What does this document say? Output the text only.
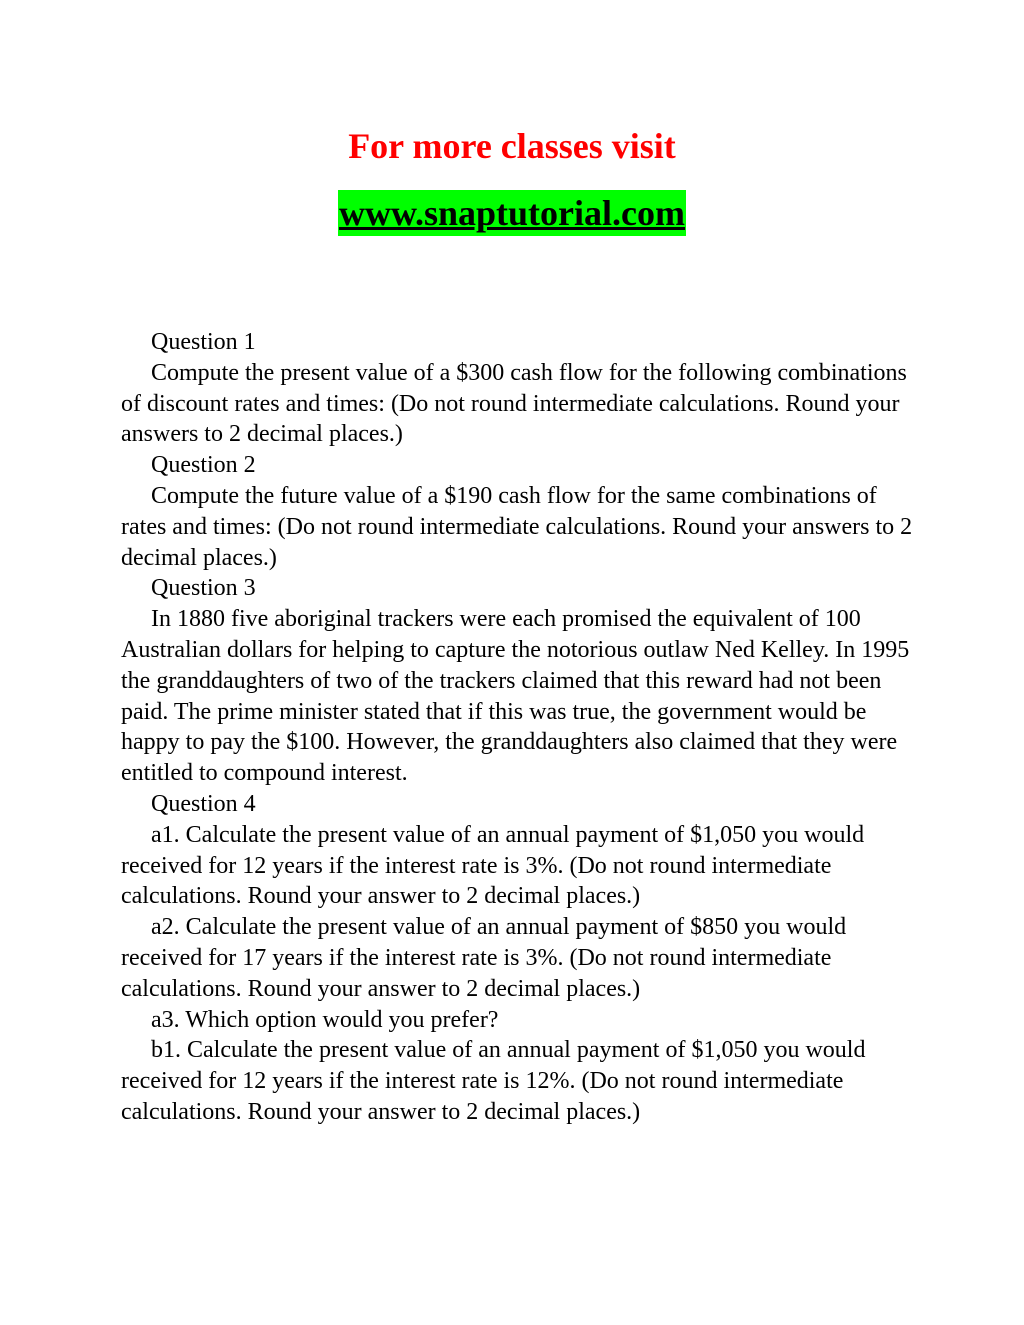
For more classes visit
www.snaptutorial.com

Question 1

Compute the present value of a $300 cash flow for the following combinations of discount rates and times: (Do not round intermediate calculations. Round your answers to 2 decimal places.)

Question 2

Compute the future value of a $190 cash flow for the same combinations of rates and times: (Do not round intermediate calculations. Round your answers to 2 decimal places.)

Question 3

In 1880 five aboriginal trackers were each promised the equivalent of 100 Australian dollars for helping to capture the notorious outlaw Ned Kelley. In 1995 the granddaughters of two of the trackers claimed that this reward had not been paid. The prime minister stated that if this was true, the government would be happy to pay the $100. However, the granddaughters also claimed that they were entitled to compound interest.

Question 4

a1. Calculate the present value of an annual payment of $1,050 you would received for 12 years if the interest rate is 3%. (Do not round intermediate calculations. Round your answer to 2 decimal places.)

a2. Calculate the present value of an annual payment of $850 you would received for 17 years if the interest rate is 3%. (Do not round intermediate calculations. Round your answer to 2 decimal places.)

a3. Which option would you prefer?

b1. Calculate the present value of an annual payment of $1,050 you would received for 12 years if the interest rate is 12%. (Do not round intermediate calculations. Round your answer to 2 decimal places.)
